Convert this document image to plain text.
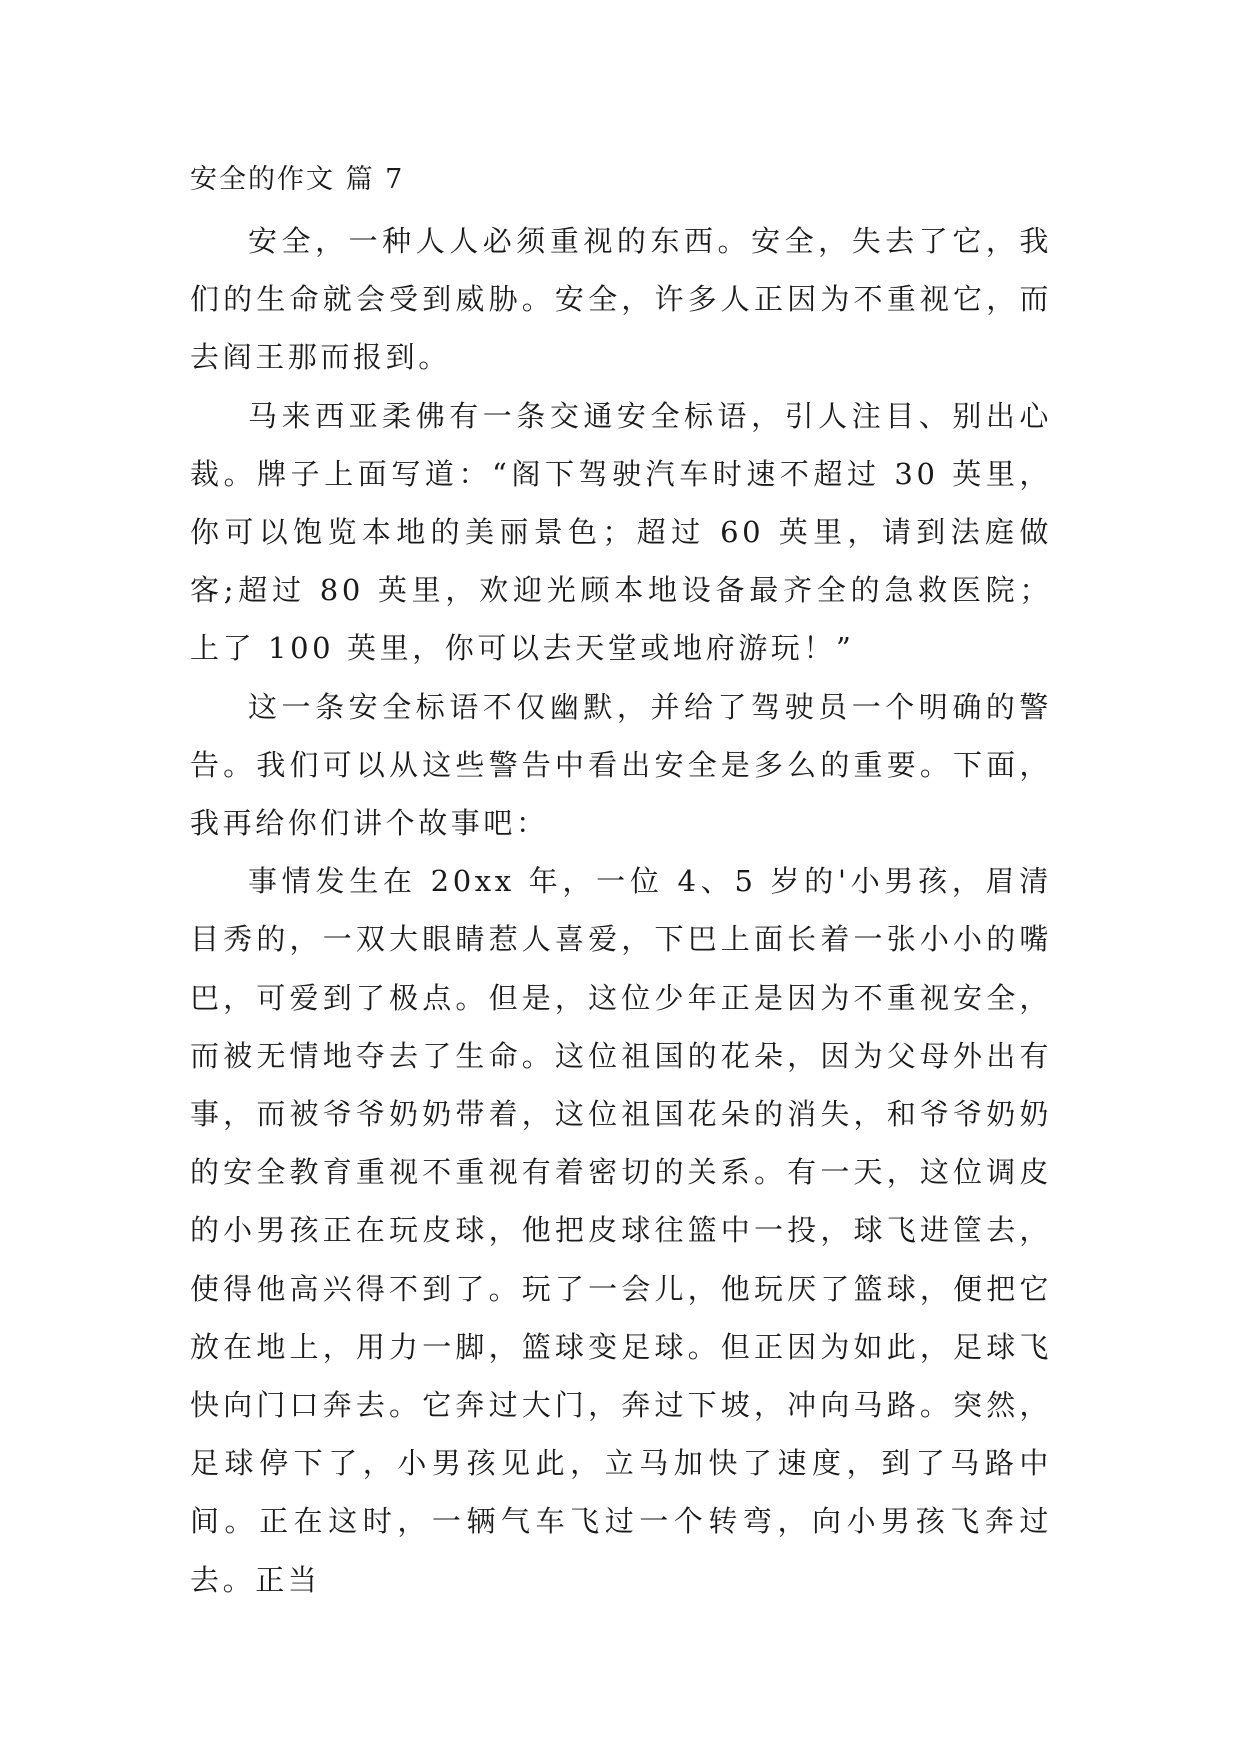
安全的作文 篇 7

安全，一种人人必须重视的东西。安全，失去了它，我们的生命就会受到威胁。安全，许多人正因为不重视它，而去阎王那而报到。

马来西亚柔佛有一条交通安全标语，引人注目、别出心裁。牌子上面写道：“阁下驾驶汽车时速不超过 30 英里，你可以饱览本地的美丽景色；超过 60 英里，请到法庭做客;超过 80 英里，欢迎光顾本地设备最齐全的急救医院；上了 100 英里，你可以去天堂或地府游玩！”

这一条安全标语不仅幽默，并给了驾驶员一个明确的警告。我们可以从这些警告中看出安全是多么的重要。下面，我再给你们讲个故事吧：

事情发生在 20xx 年，一位 4、5 岁的'小男孩，眉清目秀的，一双大眼睛惹人喜爱，下巴上面长着一张小小的嘴巴，可爱到了极点。但是，这位少年正是因为不重视安全，而被无情地夺去了生命。这位祖国的花朵，因为父母外出有事，而被爷爷奶奶带着，这位祖国花朵的消失，和爷爷奶奶的安全教育重视不重视有着密切的关系。有一天，这位调皮的小男孩正在玩皮球，他把皮球往篮中一投，球飞进筐去，使得他高兴得不到了。玩了一会儿，他玩厌了篮球，便把它放在地上，用力一脚，篮球变足球。但正因为如此，足球飞快向门口奔去。它奔过大门，奔过下坡，冲向马路。突然，足球停下了，小男孩见此，立马加快了速度，到了马路中间。正在这时，一辆气车飞过一个转弯，向小男孩飞奔过去。正当
